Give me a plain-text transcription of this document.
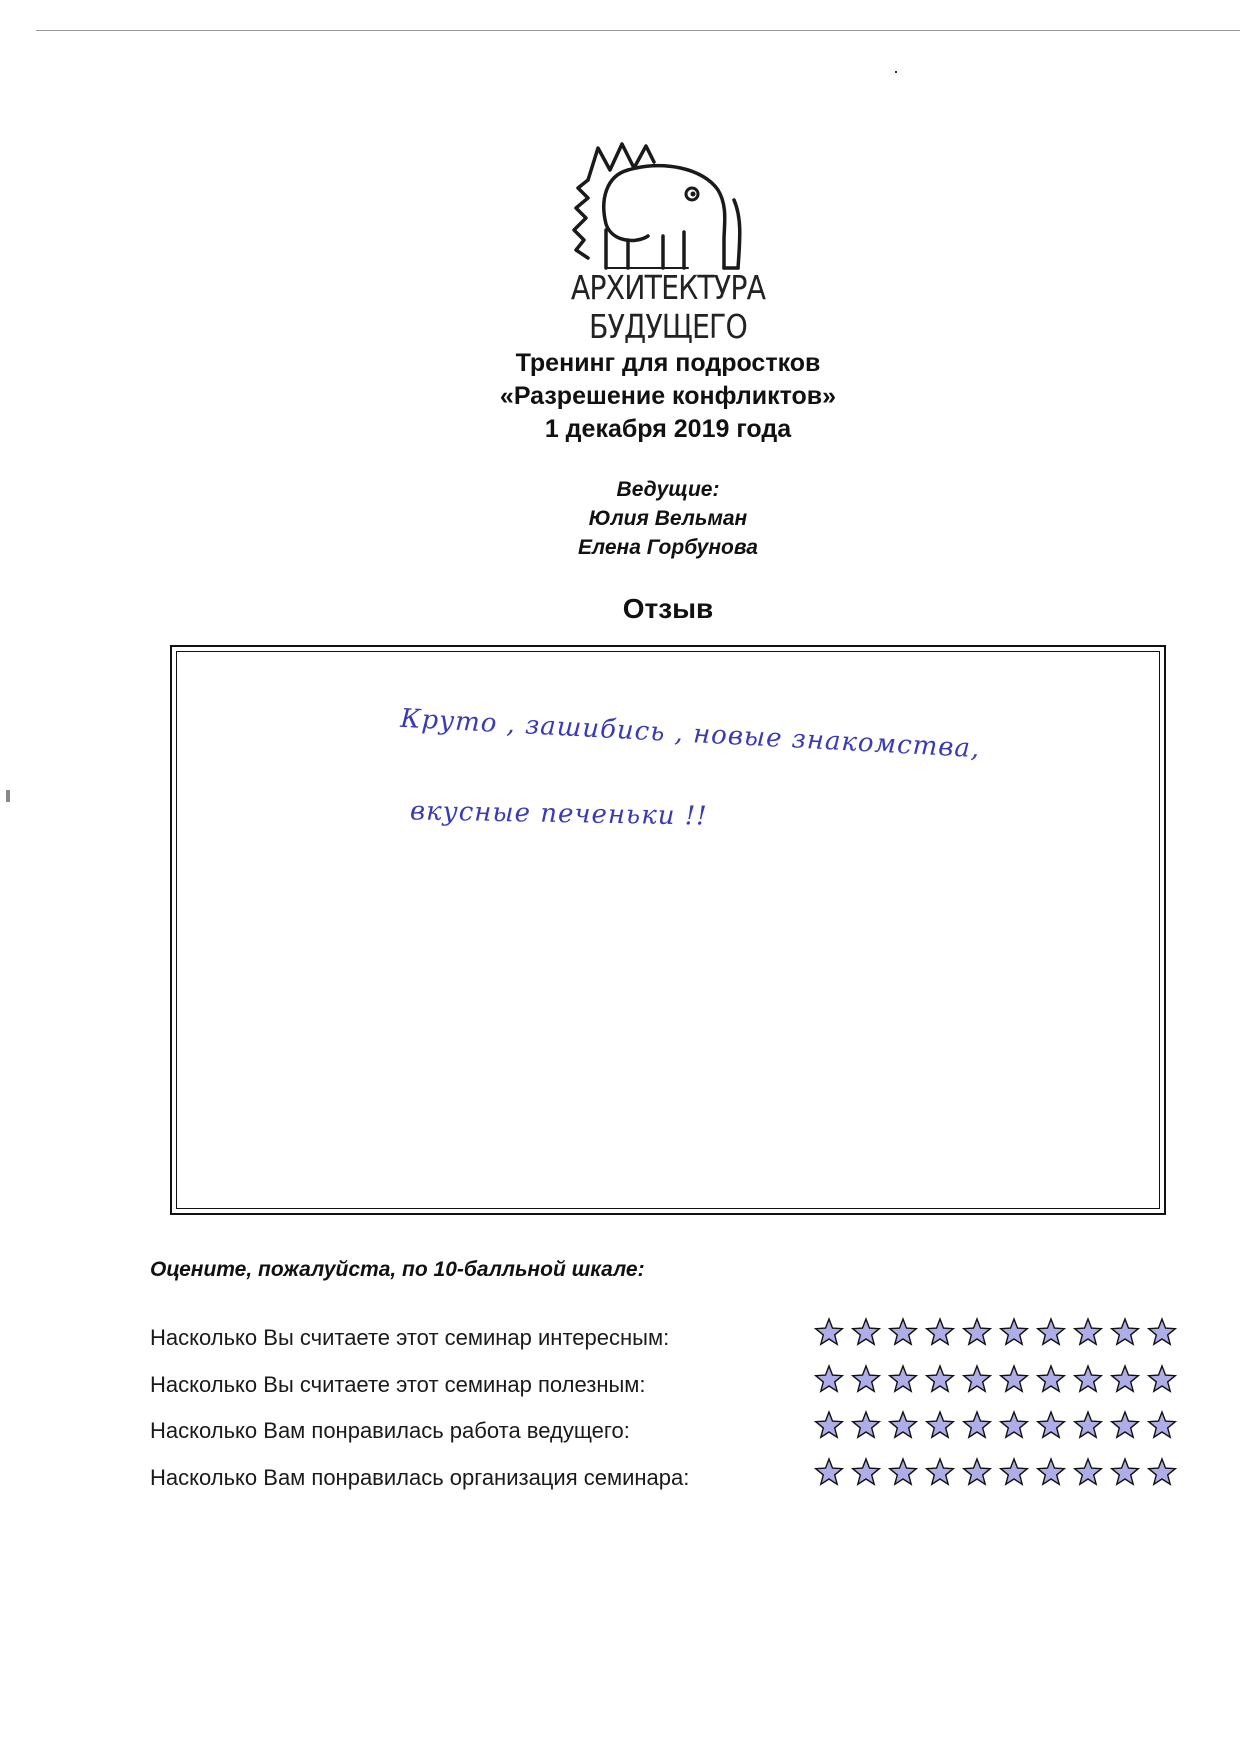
АРХИТЕКТУРА БУДУЩЕГО
Тренинг для подростков
«Разрешение конфликтов»
1 декабря 2019 года
Ведущие:
Юлия Вельман
Елена Горбунова
Отзыв
Круто , зашибись , новые знакомства,
вкусные печеньки !!
Оцените, пожалуйста, по 10-балльной шкале:
Насколько Вы считаете этот семинар интересным:
Насколько Вы считаете этот семинар полезным:
Насколько Вам понравилась работа ведущего:
Насколько Вам понравилась организация семинара:
